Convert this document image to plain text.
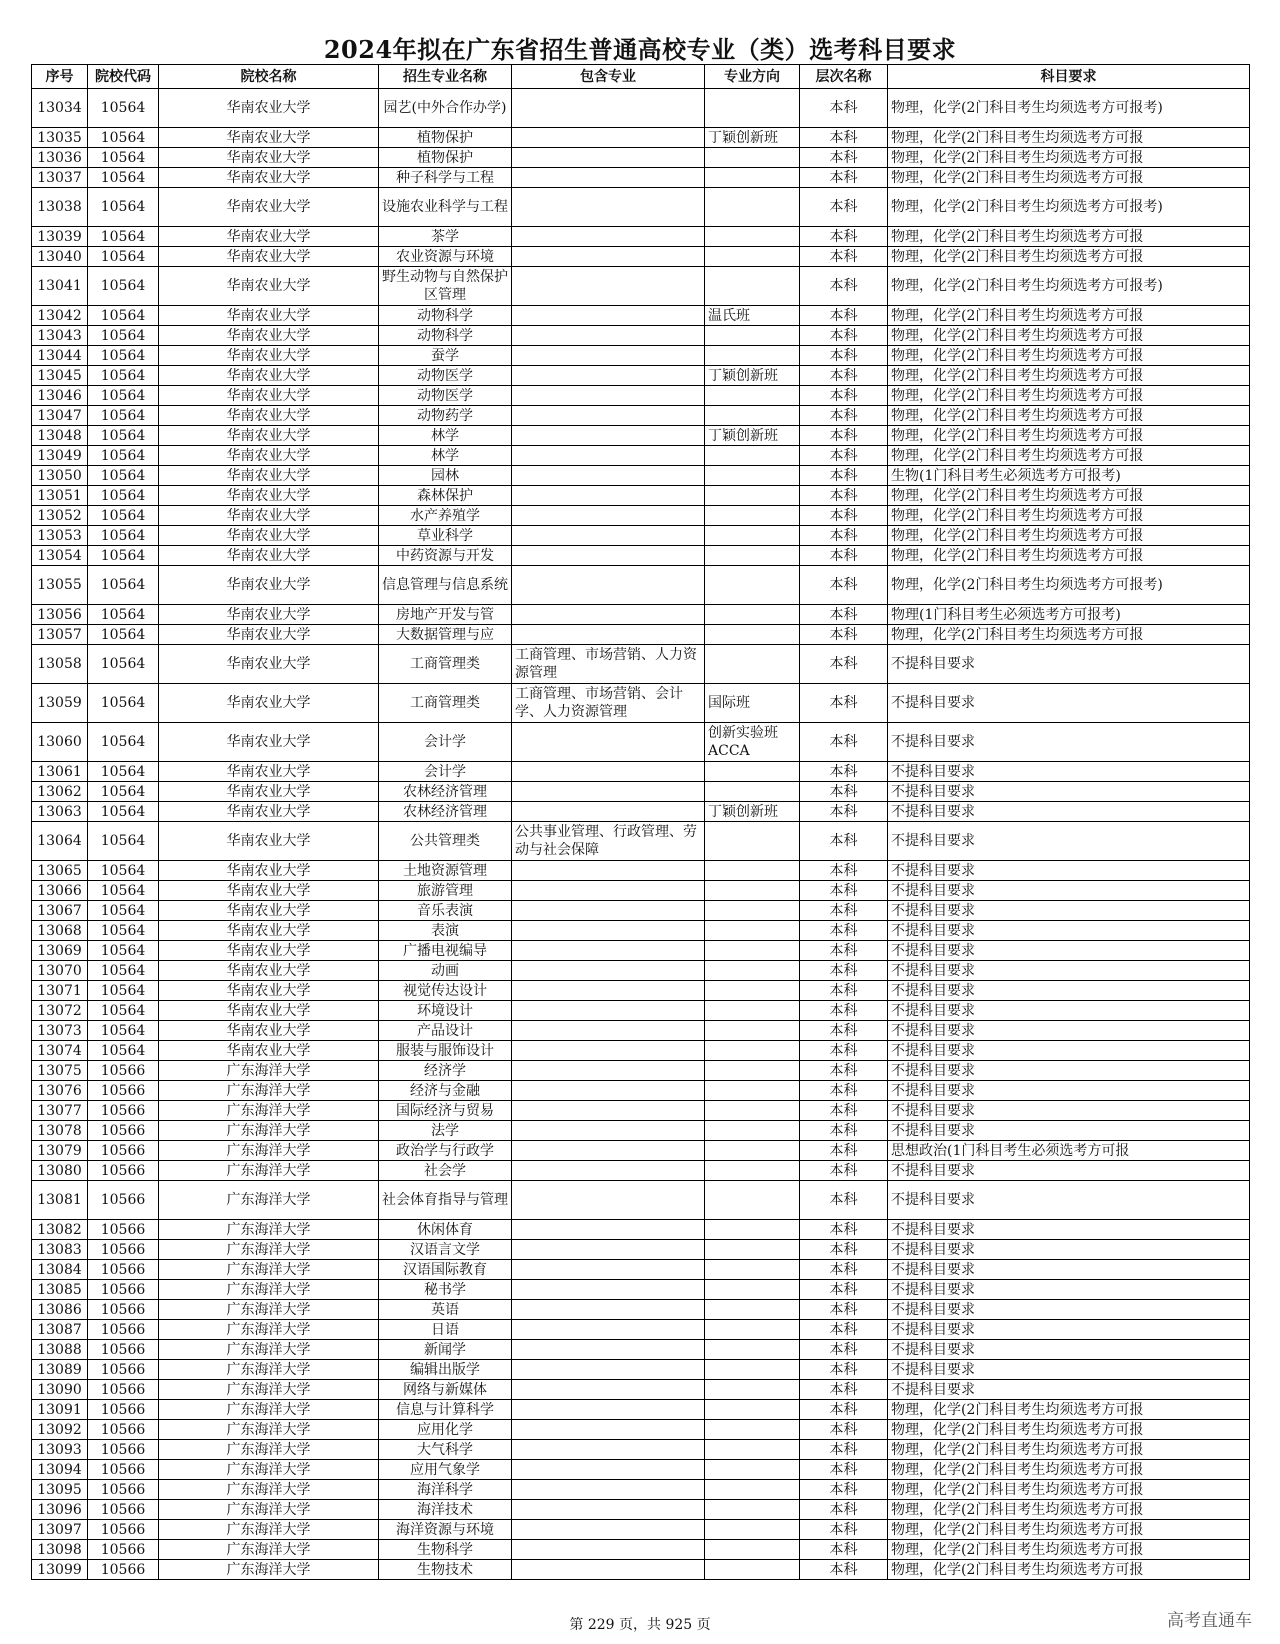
2024年拟在广东省招生普通高校专业（类）选考科目要求
序号	院校代码	院校名称	招生专业名称	包含专业	专业方向	层次名称	科目要求
13034	10564	华南农业大学	园艺(中外合作办学)			本科	物理，化学(2门科目考生均须选考方可报考)
13035	10564	华南农业大学	植物保护		丁颖创新班	本科	物理，化学(2门科目考生均须选考方可报
13036	10564	华南农业大学	植物保护			本科	物理，化学(2门科目考生均须选考方可报
13037	10564	华南农业大学	种子科学与工程			本科	物理，化学(2门科目考生均须选考方可报
13038	10564	华南农业大学	设施农业科学与工程			本科	物理，化学(2门科目考生均须选考方可报考)
13039	10564	华南农业大学	茶学			本科	物理，化学(2门科目考生均须选考方可报
13040	10564	华南农业大学	农业资源与环境			本科	物理，化学(2门科目考生均须选考方可报
13041	10564	华南农业大学	野生动物与自然保护区管理			本科	物理，化学(2门科目考生均须选考方可报考)
13042	10564	华南农业大学	动物科学		温氏班	本科	物理，化学(2门科目考生均须选考方可报
13043	10564	华南农业大学	动物科学			本科	物理，化学(2门科目考生均须选考方可报
13044	10564	华南农业大学	蚕学			本科	物理，化学(2门科目考生均须选考方可报
13045	10564	华南农业大学	动物医学		丁颖创新班	本科	物理，化学(2门科目考生均须选考方可报
13046	10564	华南农业大学	动物医学			本科	物理，化学(2门科目考生均须选考方可报
13047	10564	华南农业大学	动物药学			本科	物理，化学(2门科目考生均须选考方可报
13048	10564	华南农业大学	林学		丁颖创新班	本科	物理，化学(2门科目考生均须选考方可报
13049	10564	华南农业大学	林学			本科	物理，化学(2门科目考生均须选考方可报
13050	10564	华南农业大学	园林			本科	生物(1门科目考生必须选考方可报考)
13051	10564	华南农业大学	森林保护			本科	物理，化学(2门科目考生均须选考方可报
13052	10564	华南农业大学	水产养殖学			本科	物理，化学(2门科目考生均须选考方可报
13053	10564	华南农业大学	草业科学			本科	物理，化学(2门科目考生均须选考方可报
13054	10564	华南农业大学	中药资源与开发			本科	物理，化学(2门科目考生均须选考方可报
13055	10564	华南农业大学	信息管理与信息系统			本科	物理，化学(2门科目考生均须选考方可报考)
13056	10564	华南农业大学	房地产开发与管			本科	物理(1门科目考生必须选考方可报考)
13057	10564	华南农业大学	大数据管理与应			本科	物理，化学(2门科目考生均须选考方可报
13058	10564	华南农业大学	工商管理类	工商管理、市场营销、人力资源管理		本科	不提科目要求
13059	10564	华南农业大学	工商管理类	工商管理、市场营销、会计学、人力资源管理	国际班	本科	不提科目要求
13060	10564	华南农业大学	会计学		创新实验班ACCA	本科	不提科目要求
13061	10564	华南农业大学	会计学			本科	不提科目要求
13062	10564	华南农业大学	农林经济管理			本科	不提科目要求
13063	10564	华南农业大学	农林经济管理		丁颖创新班	本科	不提科目要求
13064	10564	华南农业大学	公共管理类	公共事业管理、行政管理、劳动与社会保障		本科	不提科目要求
13065	10564	华南农业大学	土地资源管理			本科	不提科目要求
13066	10564	华南农业大学	旅游管理			本科	不提科目要求
13067	10564	华南农业大学	音乐表演			本科	不提科目要求
13068	10564	华南农业大学	表演			本科	不提科目要求
13069	10564	华南农业大学	广播电视编导			本科	不提科目要求
13070	10564	华南农业大学	动画			本科	不提科目要求
13071	10564	华南农业大学	视觉传达设计			本科	不提科目要求
13072	10564	华南农业大学	环境设计			本科	不提科目要求
13073	10564	华南农业大学	产品设计			本科	不提科目要求
13074	10564	华南农业大学	服装与服饰设计			本科	不提科目要求
13075	10566	广东海洋大学	经济学			本科	不提科目要求
13076	10566	广东海洋大学	经济与金融			本科	不提科目要求
13077	10566	广东海洋大学	国际经济与贸易			本科	不提科目要求
13078	10566	广东海洋大学	法学			本科	不提科目要求
13079	10566	广东海洋大学	政治学与行政学			本科	思想政治(1门科目考生必须选考方可报
13080	10566	广东海洋大学	社会学			本科	不提科目要求
13081	10566	广东海洋大学	社会体育指导与管理			本科	不提科目要求
13082	10566	广东海洋大学	休闲体育			本科	不提科目要求
13083	10566	广东海洋大学	汉语言文学			本科	不提科目要求
13084	10566	广东海洋大学	汉语国际教育			本科	不提科目要求
13085	10566	广东海洋大学	秘书学			本科	不提科目要求
13086	10566	广东海洋大学	英语			本科	不提科目要求
13087	10566	广东海洋大学	日语			本科	不提科目要求
13088	10566	广东海洋大学	新闻学			本科	不提科目要求
13089	10566	广东海洋大学	编辑出版学			本科	不提科目要求
13090	10566	广东海洋大学	网络与新媒体			本科	不提科目要求
13091	10566	广东海洋大学	信息与计算科学			本科	物理，化学(2门科目考生均须选考方可报
13092	10566	广东海洋大学	应用化学			本科	物理，化学(2门科目考生均须选考方可报
13093	10566	广东海洋大学	大气科学			本科	物理，化学(2门科目考生均须选考方可报
13094	10566	广东海洋大学	应用气象学			本科	物理，化学(2门科目考生均须选考方可报
13095	10566	广东海洋大学	海洋科学			本科	物理，化学(2门科目考生均须选考方可报
13096	10566	广东海洋大学	海洋技术			本科	物理，化学(2门科目考生均须选考方可报
13097	10566	广东海洋大学	海洋资源与环境			本科	物理，化学(2门科目考生均须选考方可报
13098	10566	广东海洋大学	生物科学			本科	物理，化学(2门科目考生均须选考方可报
13099	10566	广东海洋大学	生物技术			本科	物理，化学(2门科目考生均须选考方可报
第 229 页，共 925 页	高考直通车
